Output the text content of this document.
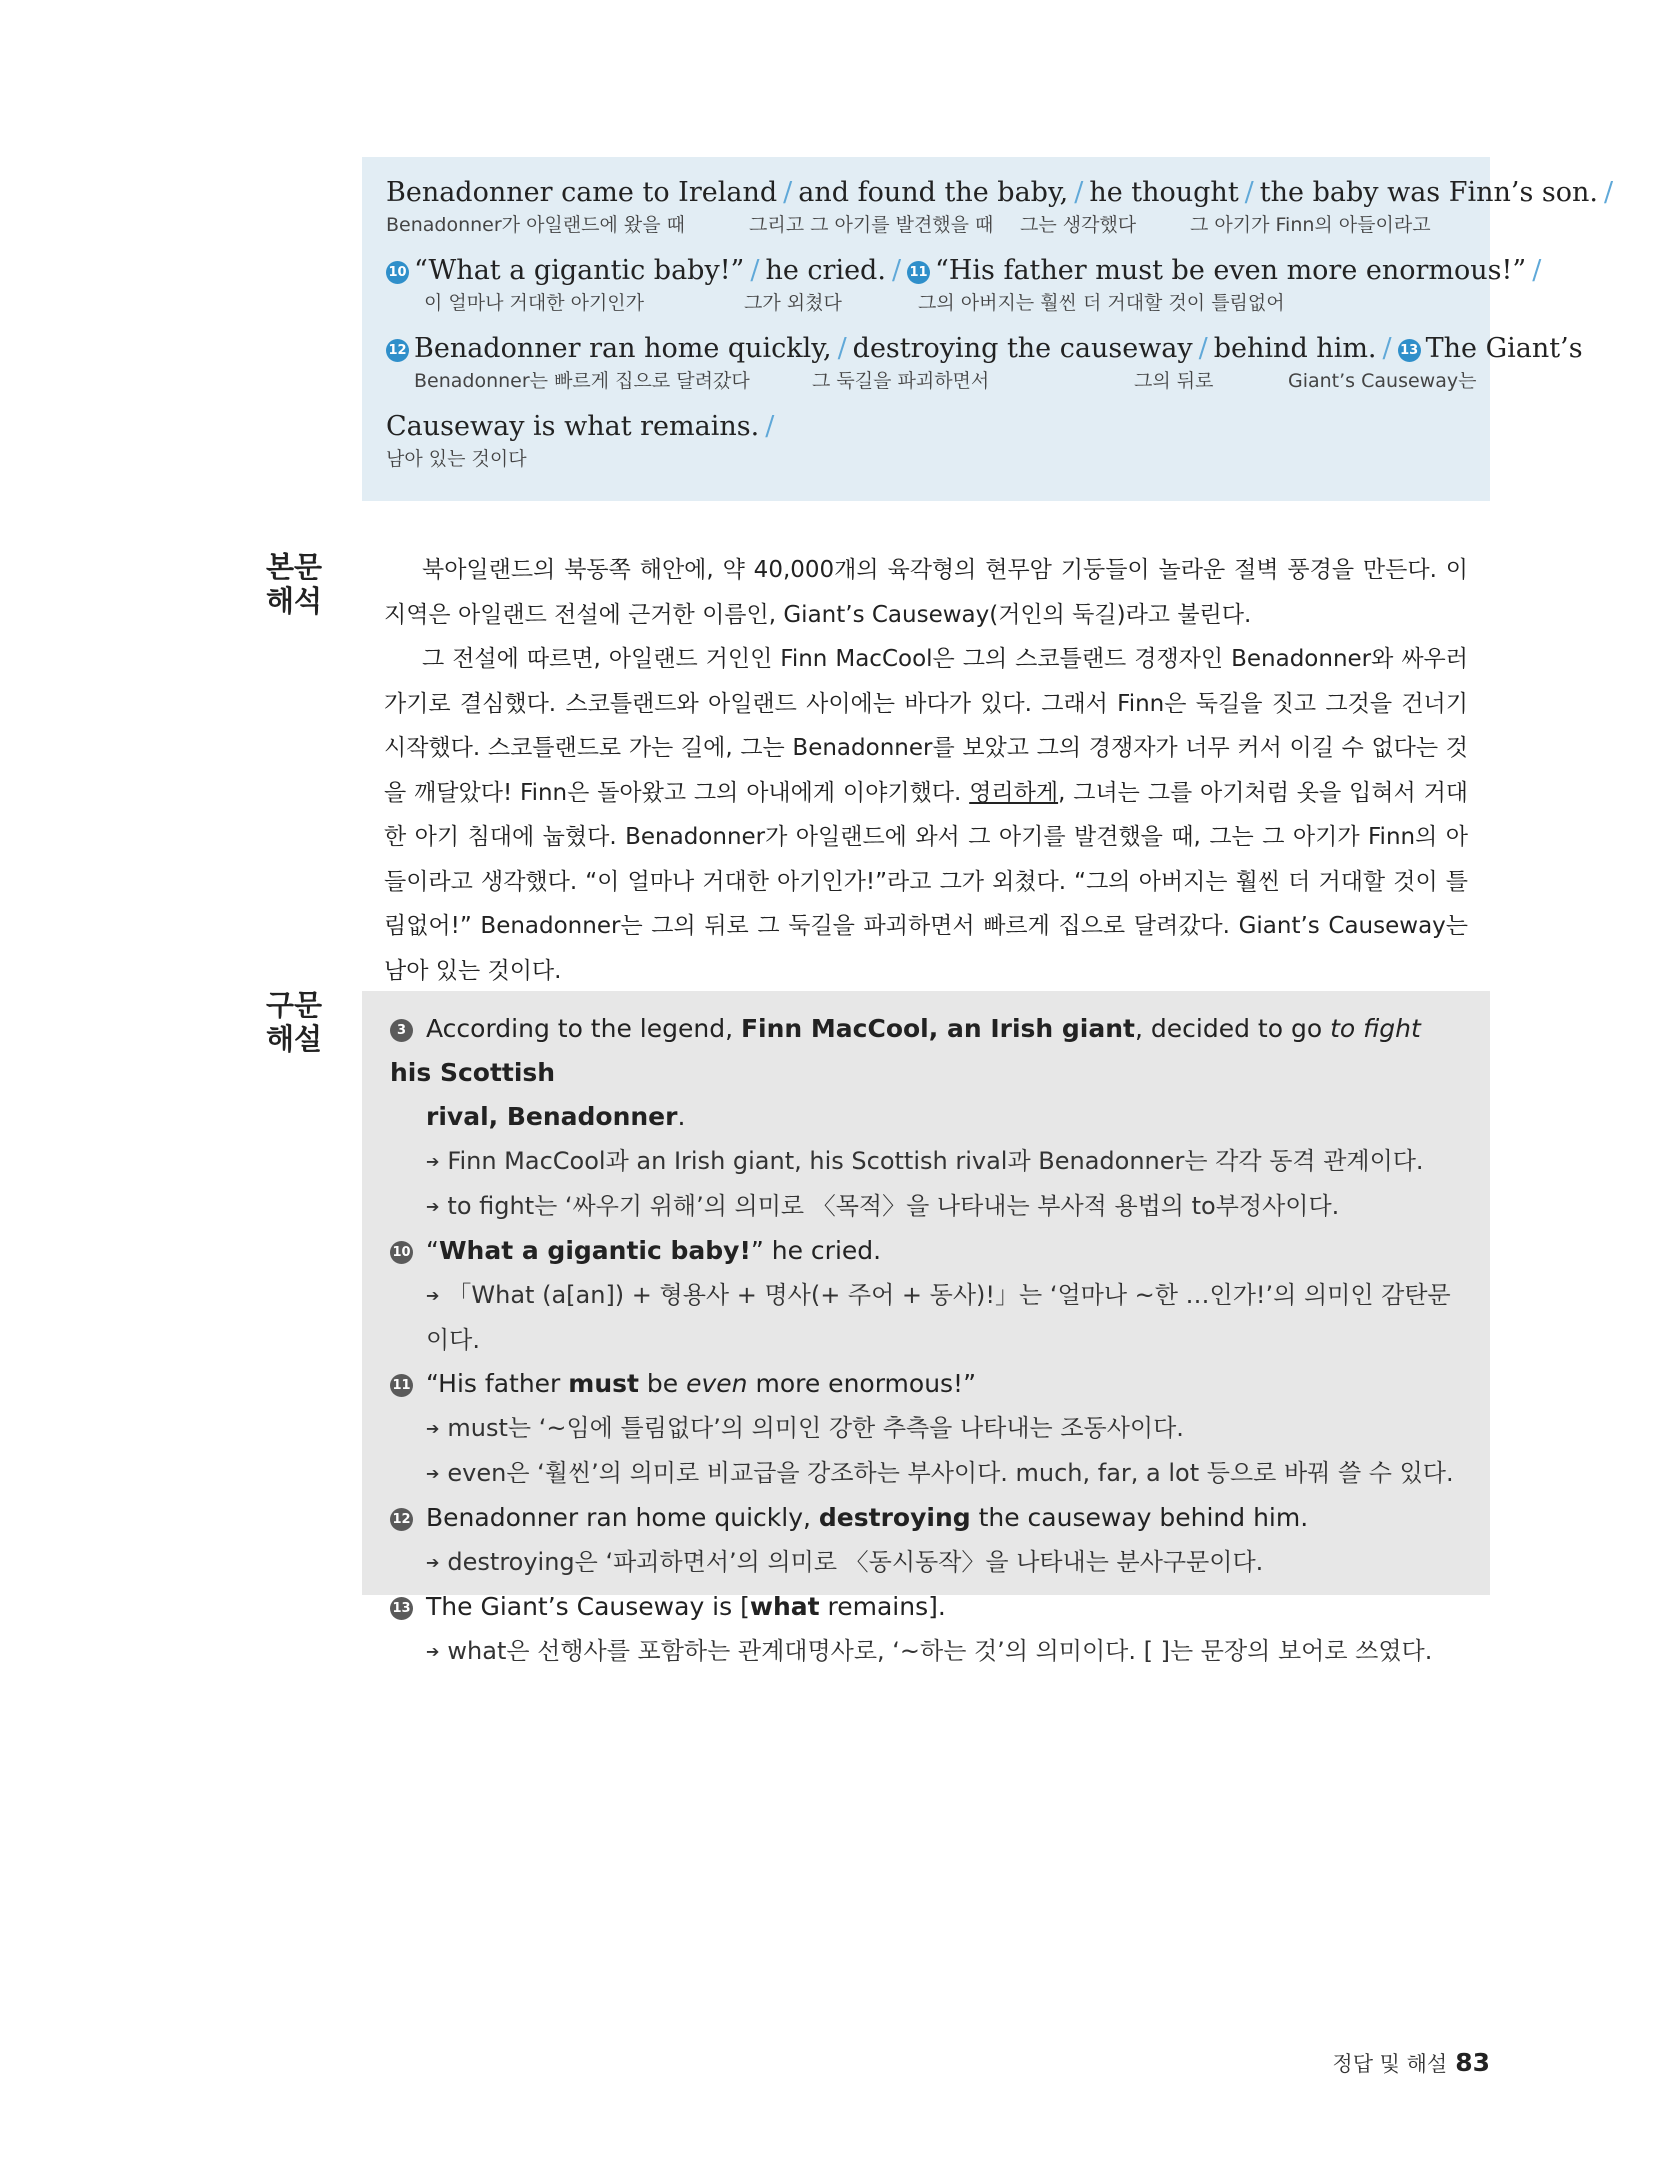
Benadonner came to Ireland / and found the baby, / he thought / the baby was Finn’s son. /
Benadonner가 아일랜드에 왔을 때	그리고 그 아기를 발견했을 때 그는 생각했다	그 아기가 Finn의 아들이라고
10 “What a gigantic baby!” / he cried. / 11 “His father must be even more enormous!” /
이 얼마나 거대한 아기인가	그가 외쳤다	그의 아버지는 훨씬 더 거대할 것이 틀림없어
12 Benadonner ran home quickly, / destroying the causeway / behind him. / 13 The Giant’s
Benadonner는 빠르게 집으로 달려갔다	그 둑길을 파괴하면서	그의 뒤로	Giant’s Causeway는
Causeway is what remains. /
남아 있는 것이다
본문
해석

북아일랜드의 북동쪽 해안에, 약 40,000개의 육각형의 현무암 기둥들이 놀라운 절벽 풍경을 만든다. 이 지역은 아일랜드 전설에 근거한 이름인, Giant’s Causeway(거인의 둑길)라고 불린다.

그 전설에 따르면, 아일랜드 거인인 Finn MacCool은 그의 스코틀랜드 경쟁자인 Benadonner와 싸우러 가기로 결심했다. 스코틀랜드와 아일랜드 사이에는 바다가 있다. 그래서 Finn은 둑길을 짓고 그것을 건너기 시작했다. 스코틀랜드로 가는 길에, 그는 Benadonner를 보았고 그의 경쟁자가 너무 커서 이길 수 없다는 것을 깨달았다! Finn은 돌아왔고 그의 아내에게 이야기했다. 영리하게, 그녀는 그를 아기처럼 옷을 입혀서 거대한 아기 침대에 눕혔다. Benadonner가 아일랜드에 와서 그 아기를 발견했을 때, 그는 그 아기가 Finn의 아들이라고 생각했다. “이 얼마나 거대한 아기인가!”라고 그가 외쳤다. “그의 아버지는 훨씬 더 거대할 것이 틀림없어!” Benadonner는 그의 뒤로 그 둑길을 파괴하면서 빠르게 집으로 달려갔다. Giant’s Causeway는 남아 있는 것이다.

구문
해설	3 According to the legend, Finn MacCool, an Irish giant, decided to go to fight his Scottish
rival, Benadonner.
➔ Finn MacCool과 an Irish giant, his Scottish rival과 Benadonner는 각각 동격 관계이다.
➔ to fight는 ‘싸우기 위해’의 의미로 〈목적〉을 나타내는 부사적 용법의 to부정사이다.
10 “What a gigantic baby!” he cried.
➔ 「What (a[an]) + 형용사 + 명사(+ 주어 + 동사)!」는 ‘얼마나 ~한 …인가!’의 의미인 감탄문이다.
11 “His father must be even more enormous!”
➔ must는 ‘~임에 틀림없다’의 의미인 강한 추측을 나타내는 조동사이다.
➔ even은 ‘훨씬’의 의미로 비교급을 강조하는 부사이다. much, far, a lot 등으로 바꿔 쓸 수 있다.
12 Benadonner ran home quickly, destroying the causeway behind him.
➔ destroying은 ‘파괴하면서’의 의미로 〈동시동작〉을 나타내는 분사구문이다.
13 The Giant’s Causeway is [what remains].
➔ what은 선행사를 포함하는 관계대명사로, ‘~하는 것’의 의미이다. [ ]는 문장의 보어로 쓰였다.
정답 및 해설 83
